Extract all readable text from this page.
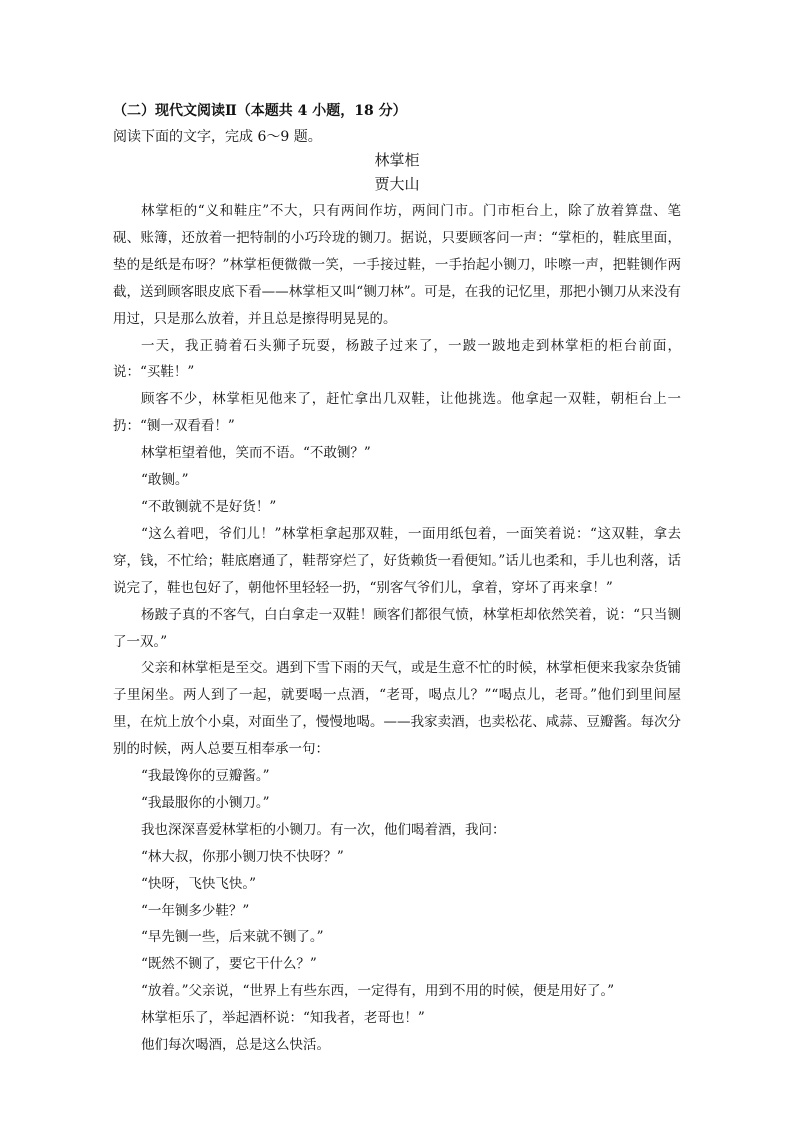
（二）现代文阅读Ⅱ（本题共 4 小题，18 分）
阅读下面的文字，完成 6～9 题。
林掌柜
贾大山

林掌柜的“义和鞋庄”不大，只有两间作坊，两间门市。门市柜台上，除了放着算盘、笔砚、账簿，还放着一把特制的小巧玲珑的铡刀。据说，只要顾客问一声：“掌柜的，鞋底里面，垫的是纸是布呀？”林掌柜便微微一笑，一手接过鞋，一手抬起小铡刀，咔嚓一声，把鞋铡作两截，送到顾客眼皮底下看——林掌柜又叫“铡刀林”。可是，在我的记忆里，那把小铡刀从来没有用过，只是那么放着，并且总是擦得明晃晃的。

一天，我正骑着石头狮子玩耍，杨跛子过来了，一跛一跛地走到林掌柜的柜台前面，说：“买鞋！”

顾客不少，林掌柜见他来了，赶忙拿出几双鞋，让他挑选。他拿起一双鞋，朝柜台上一扔：“铡一双看看！”

林掌柜望着他，笑而不语。“不敢铡？”

“敢铡。”

“不敢铡就不是好货！”

“这么着吧，爷们儿！”林掌柜拿起那双鞋，一面用纸包着，一面笑着说：“这双鞋，拿去穿，钱，不忙给；鞋底磨通了，鞋帮穿烂了，好货赖货一看便知。”话儿也柔和，手儿也利落，话说完了，鞋也包好了，朝他怀里轻轻一扔，“别客气爷们儿，拿着，穿坏了再来拿！”

杨跛子真的不客气，白白拿走一双鞋！顾客们都很气愤，林掌柜却依然笑着，说：“只当铡了一双。”

父亲和林掌柜是至交。遇到下雪下雨的天气，或是生意不忙的时候，林掌柜便来我家杂货铺子里闲坐。两人到了一起，就要喝一点酒，“老哥，喝点儿？”“喝点儿，老哥。”他们到里间屋里，在炕上放个小桌，对面坐了，慢慢地喝。——我家卖酒，也卖松花、咸蒜、豆瓣酱。每次分别的时候，两人总要互相奉承一句：

“我最馋你的豆瓣酱。”

“我最服你的小铡刀。”

我也深深喜爱林掌柜的小铡刀。有一次，他们喝着酒，我问：

“林大叔，你那小铡刀快不快呀？”

“快呀，飞快飞快。”

“一年铡多少鞋？”

“早先铡一些，后来就不铡了。”

“既然不铡了，要它干什么？”

“放着。”父亲说，“世界上有些东西，一定得有，用到不用的时候，便是用好了。”

林掌柜乐了，举起酒杯说：“知我者，老哥也！”

他们每次喝酒，总是这么快活。
